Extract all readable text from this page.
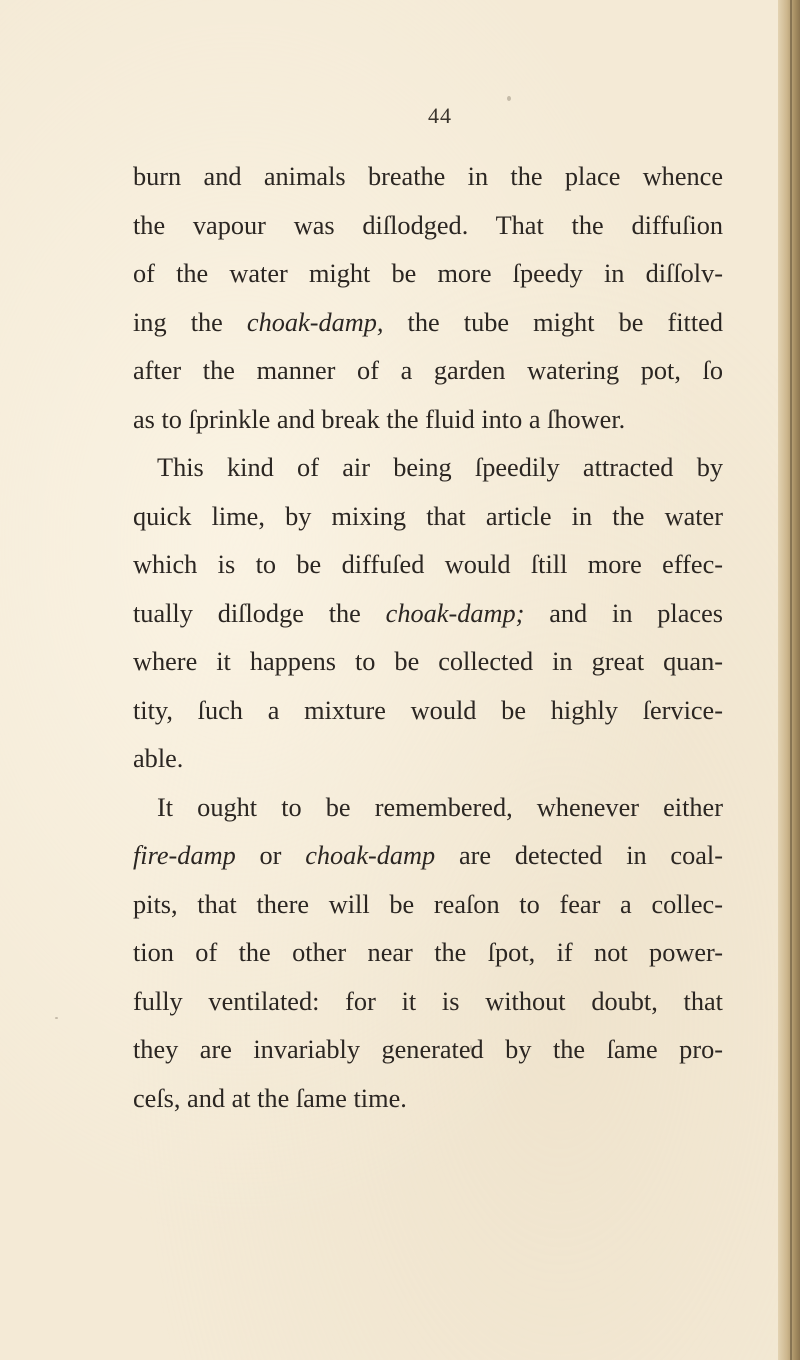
44
burn and animals breathe in the place whence
the vapour was diſlodged. That the diffuſion
of the water might be more ſpeedy in diſſolv-
ing the choak-damp, the tube might be fitted
after the manner of a garden watering pot, ſo
as to ſprinkle and break the fluid into a ſhower.
This kind of air being ſpeedily attracted by
quick lime, by mixing that article in the water
which is to be diffuſed would ſtill more effec-
tually diſlodge the choak-damp; and in places
where it happens to be collected in great quan-
tity, ſuch a mixture would be highly ſervice-
able.
It ought to be remembered, whenever either
fire-damp or choak-damp are detected in coal-
pits, that there will be reaſon to fear a collec-
tion of the other near the ſpot, if not power-
fully ventilated: for it is without doubt, that
they are invariably generated by the ſame pro-
ceſs, and at the ſame time.
